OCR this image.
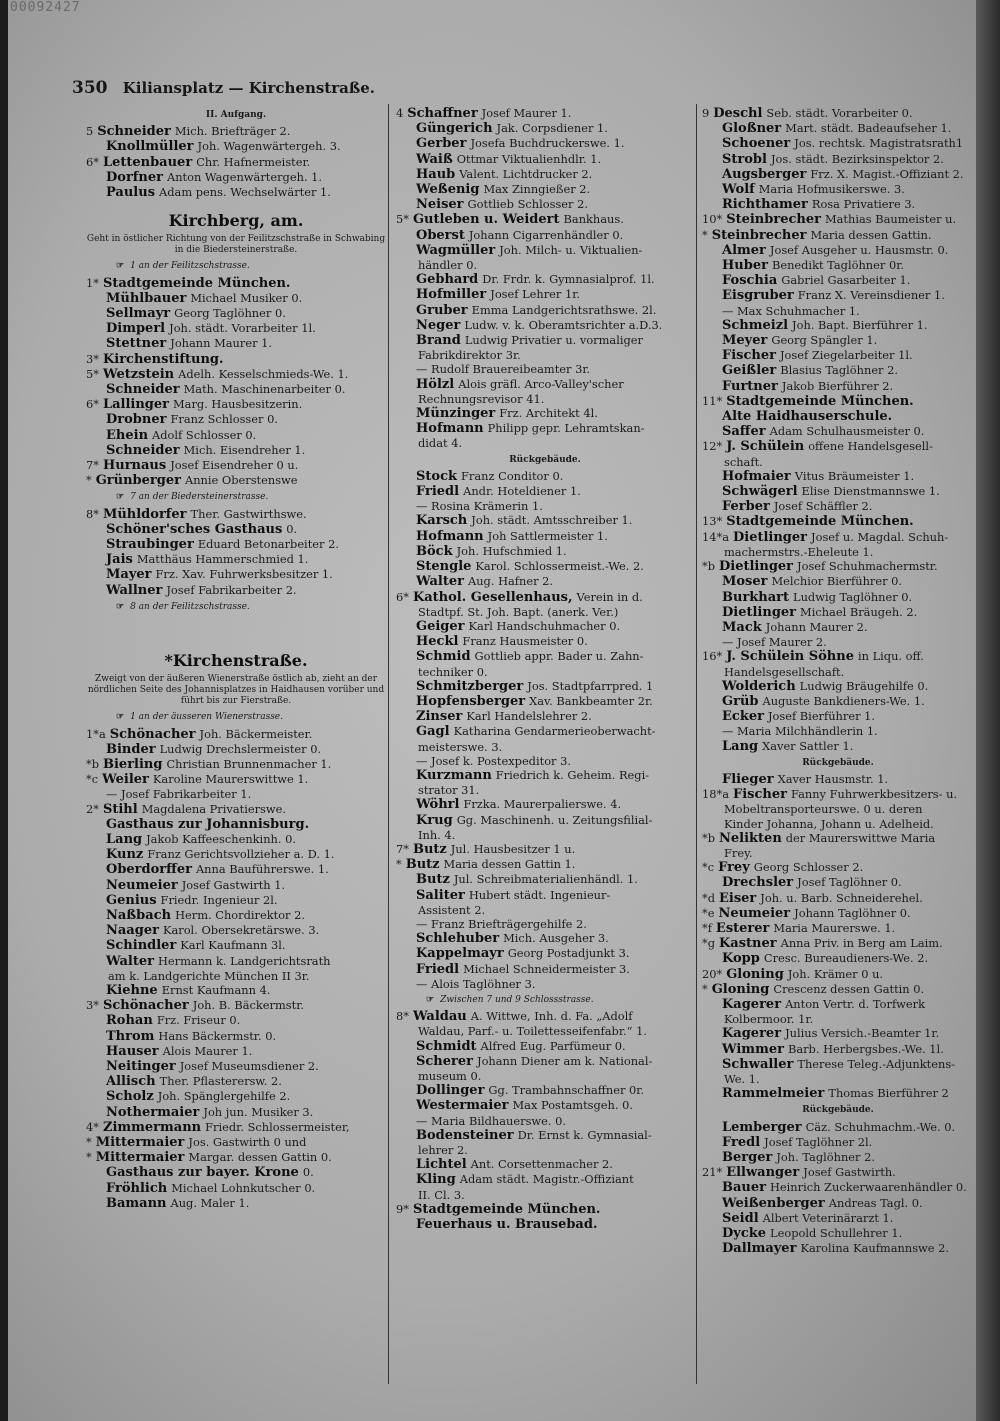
00092427
350 Kiliansplatz — Kirchenstraße.
II. Aufgang.
5 Schneider Mich. Briefträger 2.
Knollmüller Joh. Wagenwärtergeh. 3.
6* Lettenbauer Chr. Hafnermeister.
Dorfner Anton Wagenwärtergeh. 1.
Paulus Adam pens. Wechselwärter 1.
Kirchberg, am.
Geht in östlicher Richtung von der Feilitzschstraße in Schwabing in die Biedersteinerstraße.
☞ 1 an der Feilitzschstrasse.
1* Stadtgemeinde München.
Mühlbauer Michael Musiker 0.
Sellmayr Georg Taglöhner 0.
Dimperl Joh. städt. Vorarbeiter 1l.
Stettner Johann Maurer 1.
3* Kirchenstiftung.
5* Wetzstein Adelh. Kesselschmieds-We. 1.
Schneider Math. Maschinenarbeiter 0.
6* Lallinger Marg. Hausbesitzerin.
Drobner Franz Schlosser 0.
Ehein Adolf Schlosser 0.
Schneider Mich. Eisendreher 1.
7* Hurnaus Josef Eisendreher 0 u.
* Grünberger Annie Oberstenswe
☞ 7 an der Biedersteinerstrasse.
8* Mühldorfer Ther. Gastwirthswe.
Schöner'sches Gasthaus 0.
Straubinger Eduard Betonarbeiter 2.
Jais Matthäus Hammerschmied 1.
Mayer Frz. Xav. Fuhrwerksbesitzer 1.
Wallner Josef Fabrikarbeiter 2.
☞ 8 an der Feilitzschstrasse.
*Kirchenstraße.
Zweigt von der äußeren Wienerstraße östlich ab, zieht an der nördlichen Seite des Johannisplatzes in Haidhausen vorüber und führt bis zur Fierstraße.
☞ 1 an der äusseren Wienerstrasse.
1*a Schönacher Joh. Bäckermeister.
Binder Ludwig Drechslermeister 0.
*b Bierling Christian Brunnenmacher 1.
*c Weiler Karoline Maurerswittwe 1.
— Josef Fabrikarbeiter 1.
2* Stihl Magdalena Privatierswe.
Gasthaus zur Johannisburg.
Lang Jakob Kaffeeschenkinh. 0.
Kunz Franz Gerichtsvollzieher a. D. 1.
Oberdorffer Anna Bauführerswe. 1.
Neumeier Josef Gastwirth 1.
Genius Friedr. Ingenieur 2l.
Naßbach Herm. Chordirektor 2.
Naager Karol. Obersekretärswe. 3.
Schindler Karl Kaufmann 3l.
Walter Hermann k. Landgerichtsrath
am k. Landgerichte München II 3r.
Kiehne Ernst Kaufmann 4.
3* Schönacher Joh. B. Bäckermstr.
Rohan Frz. Friseur 0.
Throm Hans Bäckermstr. 0.
Hauser Alois Maurer 1.
Neitinger Josef Museumsdiener 2.
Allisch Ther. Pflasterersw. 2.
Scholz Joh. Spänglergehilfe 2.
Nothermaier Joh jun. Musiker 3.
4* Zimmermann Friedr. Schlossermeister,
* Mittermaier Jos. Gastwirth 0 und
* Mittermaier Margar. dessen Gattin 0.
Gasthaus zur bayer. Krone 0.
Fröhlich Michael Lohnkutscher 0.
Bamann Aug. Maler 1.
4 Schaffner Josef Maurer 1.
Güngerich Jak. Corpsdiener 1.
Gerber Josefa Buchdruckerswe. 1.
Waiß Ottmar Viktualienhdlr. 1.
Haub Valent. Lichtdrucker 2.
Weßenig Max Zinngießer 2.
Neiser Gottlieb Schlosser 2.
5* Gutleben u. Weidert Bankhaus.
Oberst Johann Cigarrenhändler 0.
Wagmüller Joh. Milch- u. Viktualien-
händler 0.
Gebhard Dr. Frdr. k. Gymnasialprof. 1l.
Hofmiller Josef Lehrer 1r.
Gruber Emma Landgerichtsrathswe. 2l.
Neger Ludw. v. k. Oberamtsrichter a.D.3.
Brand Ludwig Privatier u. vormaliger
Fabrikdirektor 3r.
— Rudolf Brauereibeamter 3r.
Hölzl Alois gräfl. Arco-Valley'scher
Rechnungsrevisor 41.
Münzinger Frz. Architekt 4l.
Hofmann Philipp gepr. Lehramtskan-
didat 4.
Rückgebäude.
Stock Franz Conditor 0.
Friedl Andr. Hoteldiener 1.
— Rosina Krämerin 1.
Karsch Joh. städt. Amtsschreiber 1.
Hofmann Joh Sattlermeister 1.
Böck Joh. Hufschmied 1.
Stengle Karol. Schlossermeist.-We. 2.
Walter Aug. Hafner 2.
6* Kathol. Gesellenhaus, Verein in d.
Stadtpf. St. Joh. Bapt. (anerk. Ver.)
Geiger Karl Handschuhmacher 0.
Heckl Franz Hausmeister 0.
Schmid Gottlieb appr. Bader u. Zahn-
techniker 0.
Schmitzberger Jos. Stadtpfarrpred. 1
Hopfensberger Xav. Bankbeamter 2r.
Zinser Karl Handelslehrer 2.
Gagl Katharina Gendarmerieoberwacht-
meisterswe. 3.
— Josef k. Postexpeditor 3.
Kurzmann Friedrich k. Geheim. Regi-
strator 31.
Wöhrl Frzka. Maurerpalierswe. 4.
Krug Gg. Maschinenh. u. Zeitungsfilial-
Inh. 4.
7* Butz Jul. Hausbesitzer 1 u.
* Butz Maria dessen Gattin 1.
Butz Jul. Schreibmaterialienhändl. 1.
Saliter Hubert städt. Ingenieur-
Assistent 2.
— Franz Briefträgergehilfe 2.
Schlehuber Mich. Ausgeher 3.
Kappelmayr Georg Postadjunkt 3.
Friedl Michael Schneidermeister 3.
— Alois Taglöhner 3.
☞ Zwischen 7 und 9 Schlossstrasse.
8* Waldau A. Wittwe, Inh. d. Fa. „Adolf
Waldau, Parf.- u. Toilettesseifenfabr.“ 1.
Schmidt Alfred Eug. Parfümeur 0.
Scherer Johann Diener am k. National-
museum 0.
Dollinger Gg. Trambahnschaffner 0r.
Westermaier Max Postamtsgeh. 0.
— Maria Bildhauerswe. 0.
Bodensteiner Dr. Ernst k. Gymnasial-
lehrer 2.
Lichtel Ant. Corsettenmacher 2.
Kling Adam städt. Magistr.-Offiziant
II. Cl. 3.
9* Stadtgemeinde München.
Feuerhaus u. Brausebad.
9 Deschl Seb. städt. Vorarbeiter 0.
Gloßner Mart. städt. Badeaufseher 1.
Schoener Jos. rechtsk. Magistratsrath1
Strobl Jos. städt. Bezirksinspektor 2.
Augsberger Frz. X. Magist.-Offiziant 2.
Wolf Maria Hofmusikerswe. 3.
Richthamer Rosa Privatiere 3.
10* Steinbrecher Mathias Baumeister u.
* Steinbrecher Maria dessen Gattin.
Almer Josef Ausgeher u. Hausmstr. 0.
Huber Benedikt Taglöhner 0r.
Foschia Gabriel Gasarbeiter 1.
Eisgruber Franz X. Vereinsdiener 1.
— Max Schuhmacher 1.
Schmeizl Joh. Bapt. Bierführer 1.
Meyer Georg Spängler 1.
Fischer Josef Ziegelarbeiter 1l.
Geißler Blasius Taglöhner 2.
Furtner Jakob Bierführer 2.
11* Stadtgemeinde München.
Alte Haidhauserschule.
Saffer Adam Schulhausmeister 0.
12* J. Schülein offene Handelsgesell-
schaft.
Hofmaier Vitus Bräumeister 1.
Schwägerl Elise Dienstmannswe 1.
Ferber Josef Schäffler 2.
13* Stadtgemeinde München.
14*a Dietlinger Josef u. Magdal. Schuh-
machermstrs.-Eheleute 1.
*b Dietlinger Josef Schuhmachermstr.
Moser Melchior Bierführer 0.
Burkhart Ludwig Taglöhner 0.
Dietlinger Michael Bräugeh. 2.
Mack Johann Maurer 2.
— Josef Maurer 2.
16* J. Schülein Söhne in Liqu. off.
Handelsgesellschaft.
Wolderich Ludwig Bräugehilfe 0.
Grüb Auguste Bankdieners-We. 1.
Ecker Josef Bierführer 1.
— Maria Milchhändlerin 1.
Lang Xaver Sattler 1.
Rückgebäude.
Flieger Xaver Hausmstr. 1.
18*a Fischer Fanny Fuhrwerkbesitzers- u.
Mobeltransporteurswe. 0 u. deren
Kinder Johanna, Johann u. Adelheid.
*b Nelikten der Maurerswittwe Maria
Frey.
*c Frey Georg Schlosser 2.
Drechsler Josef Taglöhner 0.
*d Eiser Joh. u. Barb. Schneiderehel.
*e Neumeier Johann Taglöhner 0.
*f Esterer Maria Maurerswe. 1.
*g Kastner Anna Priv. in Berg am Laim.
Kopp Cresc. Bureaudieners-We. 2.
20* Gloning Joh. Krämer 0 u.
* Gloning Crescenz dessen Gattin 0.
Kagerer Anton Vertr. d. Torfwerk
Kolbermoor. 1r.
Kagerer Julius Versich.-Beamter 1r.
Wimmer Barb. Herbergsbes.-We. 1l.
Schwaller Therese Teleg.-Adjunktens-
We. 1.
Rammelmeier Thomas Bierführer 2
Rückgebäude.
Lemberger Cäz. Schuhmachm.-We. 0.
Fredl Josef Taglöhner 2l.
Berger Joh. Taglöhner 2.
21* Ellwanger Josef Gastwirth.
Bauer Heinrich Zuckerwaarenhändler 0.
Weißenberger Andreas Tagl. 0.
Seidl Albert Veterinärarzt 1.
Dycke Leopold Schullehrer 1.
Dallmayer Karolina Kaufmannswe 2.
